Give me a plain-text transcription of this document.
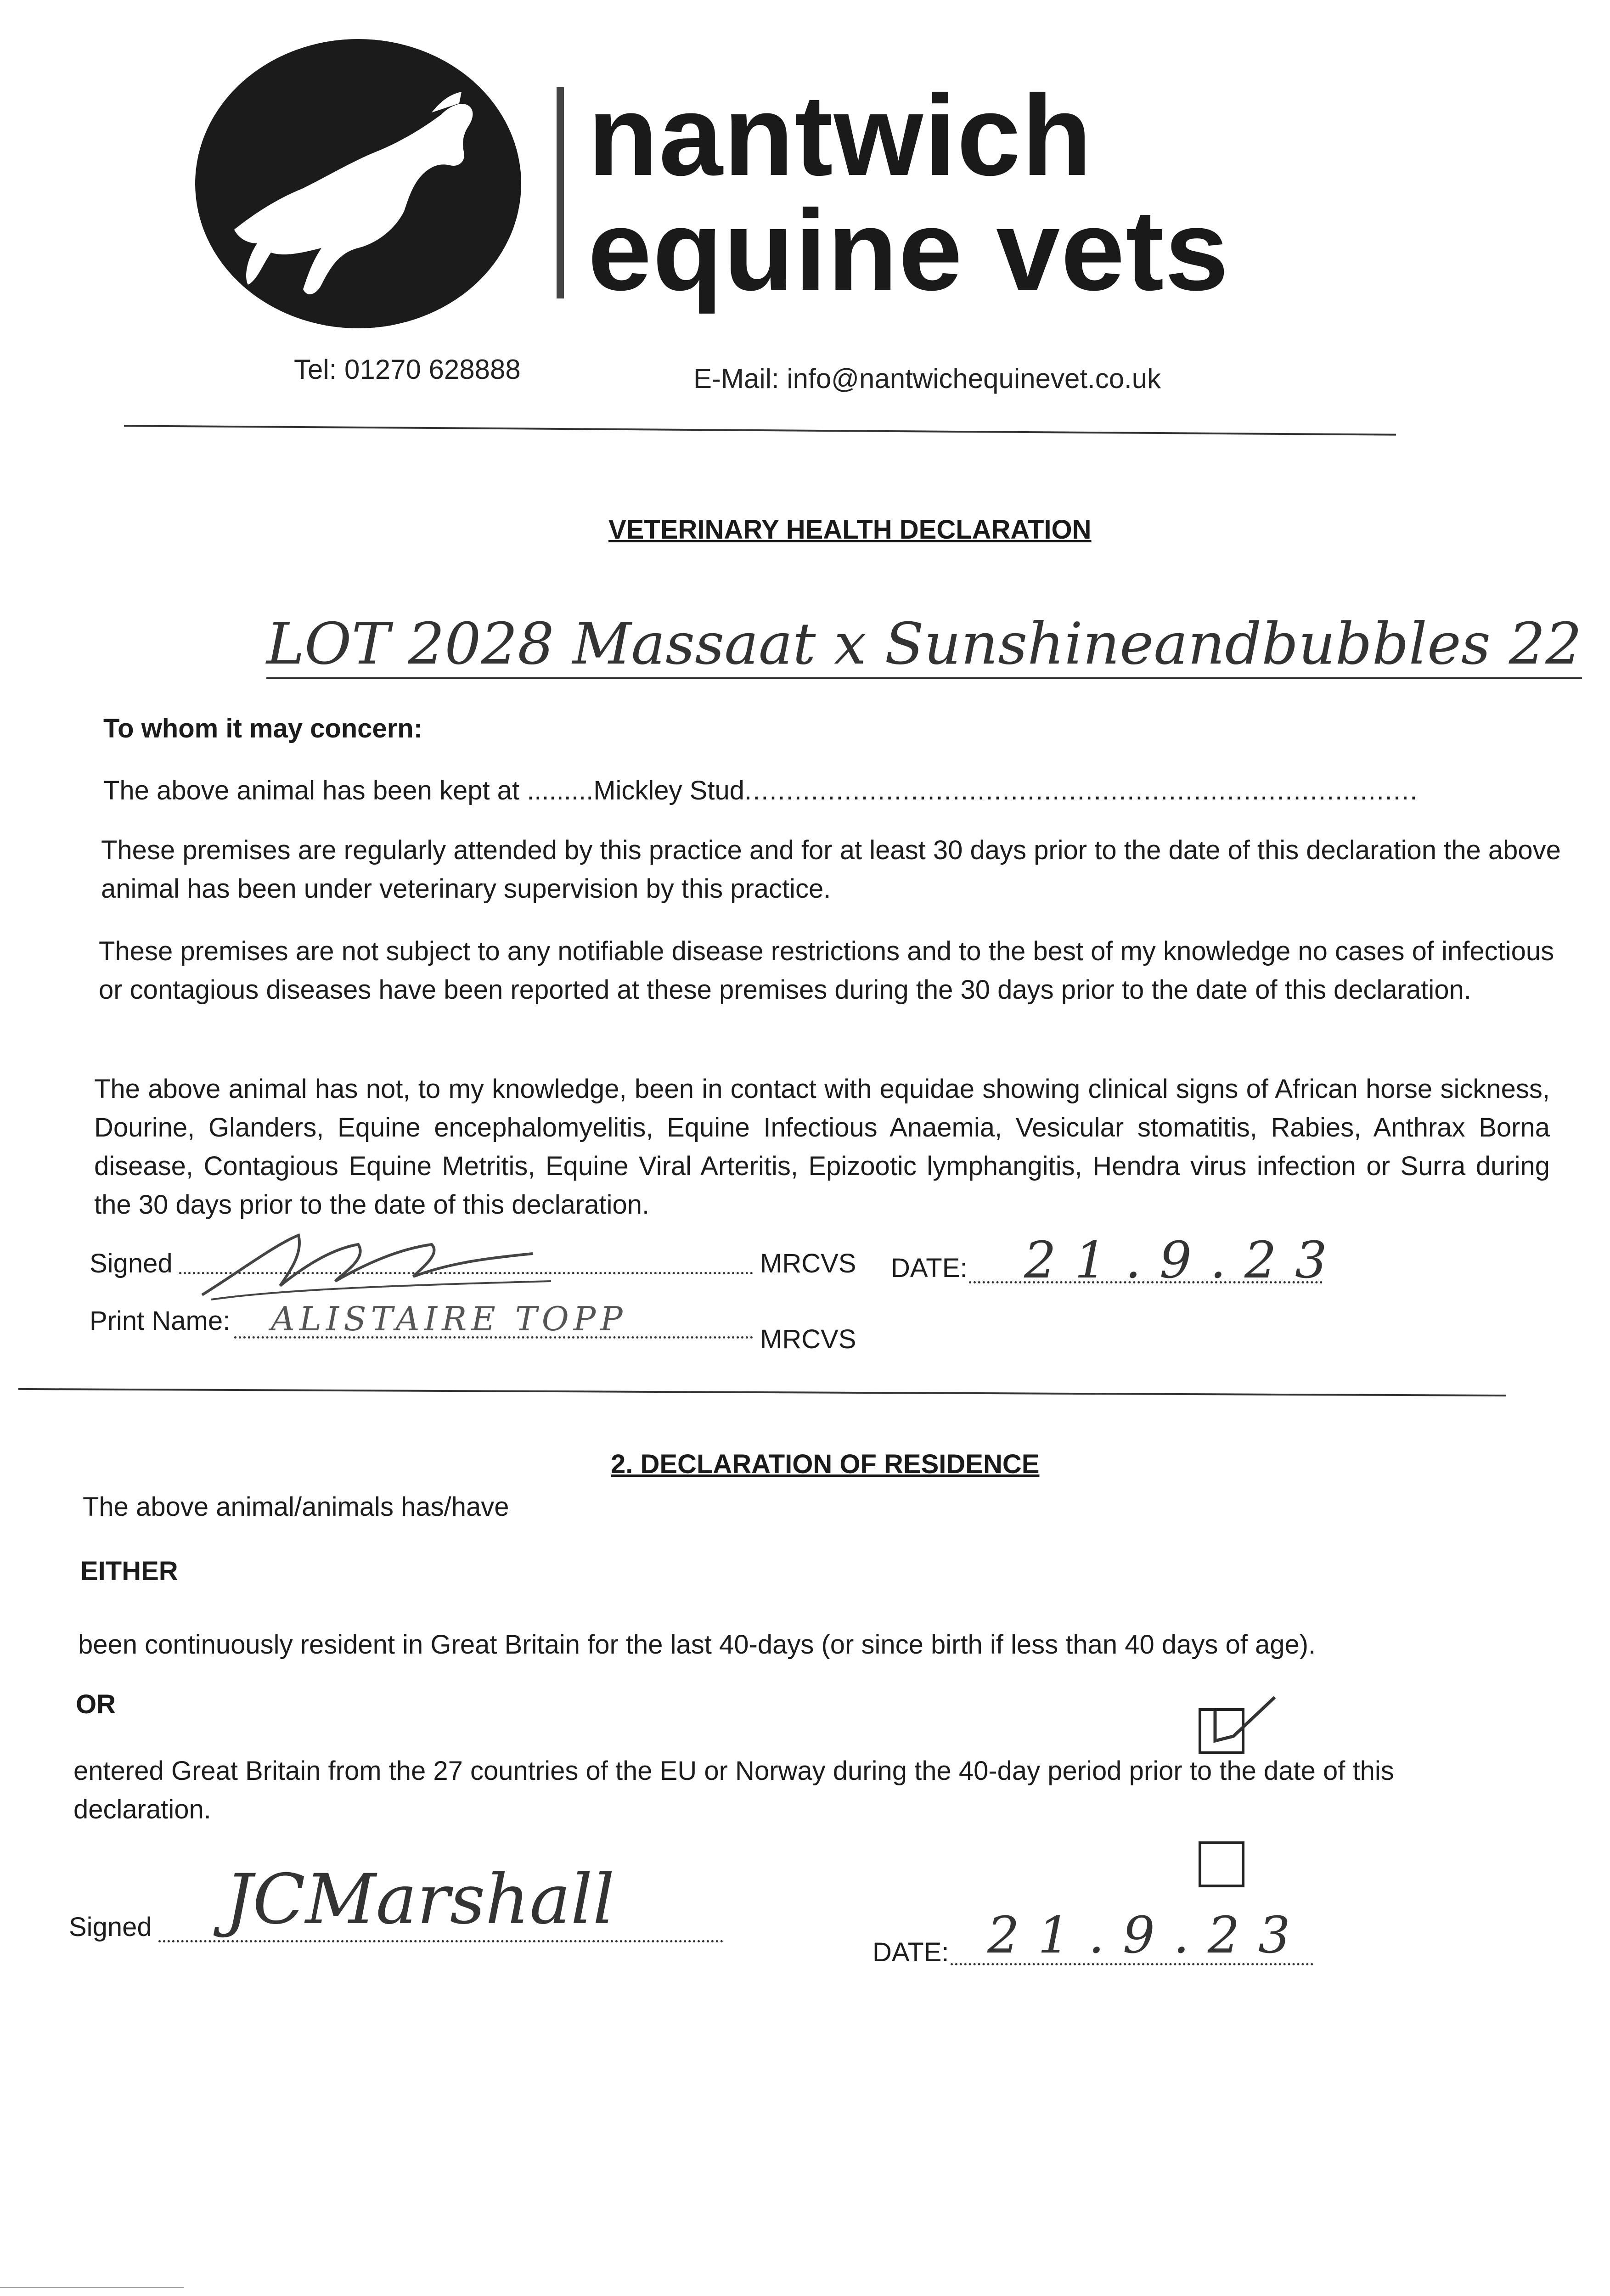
nantwich
equine vets
Tel: 01270 628888	E-Mail: info@nantwichequinevet.co.uk
VETERINARY HEALTH DECLARATION
LOT 2028 Massaat x Sunshineandbubbles 22
To whom it may concern:
The above animal has been kept at .........Mickley Stud.................................................................................
These premises are regularly attended by this practice and for at least 30 days prior to the date of this declaration the above animal has been under veterinary supervision by this practice.
These premises are not subject to any notifiable disease restrictions and to the best of my knowledge no cases of infectious or contagious diseases have been reported at these premises during the 30 days prior to the date of this declaration.
The above animal has not, to my knowledge, been in contact with equidae showing clinical signs of African horse sickness, Dourine, Glanders, Equine encephalomyelitis, Equine Infectious Anaemia, Vesicular stomatitis, Rabies, Anthrax Borna disease, Contagious Equine Metritis, Equine Viral Arteritis, Epizootic lymphangitis, Hendra virus infection or Surra during the 30 days prior to the date of this declaration.
Signed	MRCVS DATE: 21.9.23
Print Name: ALISTAIRE TOPP
MRCVS
2. DECLARATION OF RESIDENCE
The above animal/animals has/have
EITHER
been continuously resident in Great Britain for the last 40-days (or since birth if less than 40 days of age).
OR
entered Great Britain from the 27 countries of the EU or Norway during the 40-day period prior to the date of this declaration.
Signed JCMarshall
DATE: 21.9.23
